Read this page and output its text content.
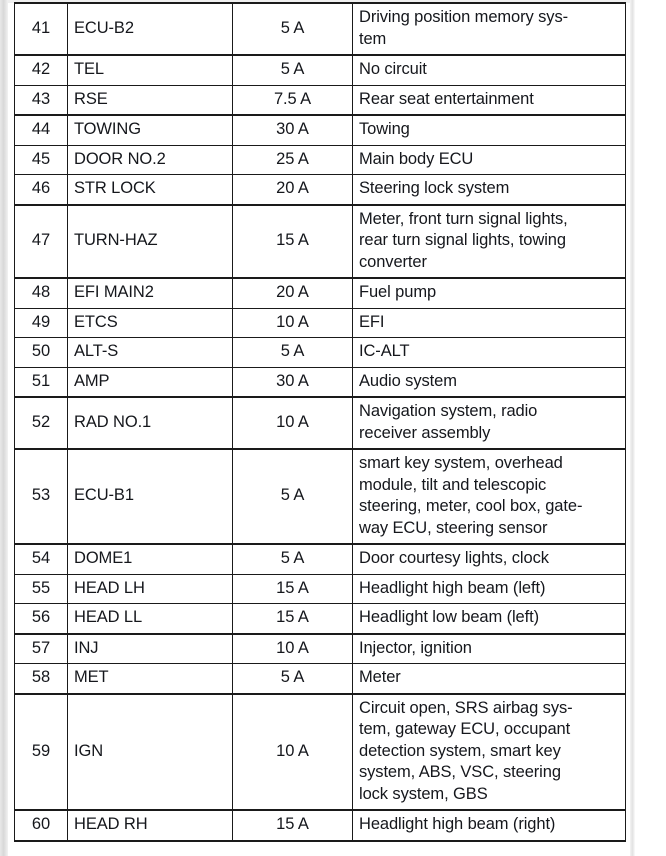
41	ECU-B2	5 A	Driving position memory sys-
tem

42	TEL	5 A	No circuit

43	RSE	7.5 A	Rear seat entertainment

44	TOWING	30 A	Towing

45	DOOR NO.2	25 A	Main body ECU

46	STR LOCK	20 A	Steering lock system

47	TURN-HAZ	15 A	Meter, front turn signal lights,
rear turn signal lights, towing
converter

48	EFI MAIN2	20 A	Fuel pump

49	ETCS	10 A	EFI

50	ALT-S	5 A	IC-ALT

51	AMP	30 A	Audio system

52	RAD NO.1	10 A	Navigation system, radio
receiver assembly

53	ECU-B1	5 A	smart key system, overhead
module, tilt and telescopic
steering, meter, cool box, gate-
way ECU, steering sensor

54	DOME1	5 A	Door courtesy lights, clock

55	HEAD LH	15 A	Headlight high beam (left)

56	HEAD LL	15 A	Headlight low beam (left)

57	INJ	10 A	Injector, ignition

58	MET	5 A	Meter

59	IGN	10 A	Circuit open, SRS airbag sys-
tem, gateway ECU, occupant
detection system, smart key
system, ABS, VSC, steering
lock system, GBS

60	HEAD RH	15 A	Headlight high beam (right)
